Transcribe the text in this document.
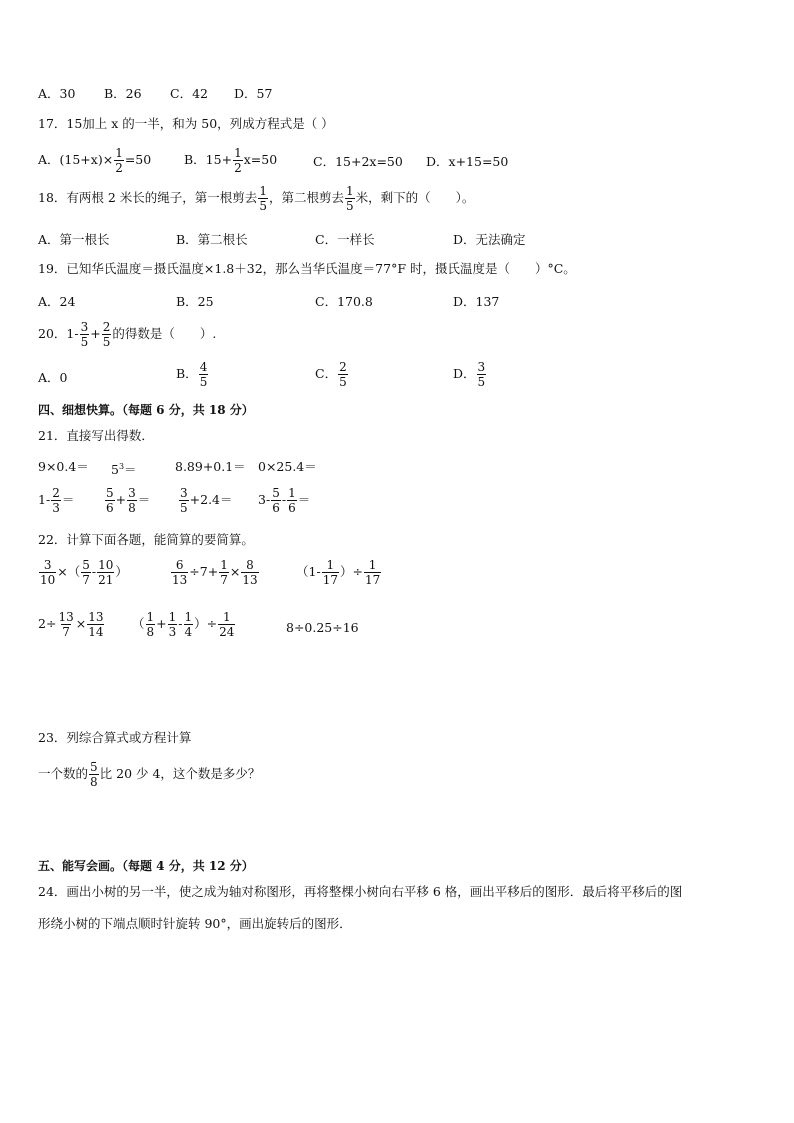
A．30 B．26 C．42 D．57
17．15加上 x 的一半，和为 50，列成方程式是（ ）
A．$(15+x)\times \frac{1}{2} =50$	B．$15+ \frac{1}{2} x=50$	C．15+2x=50 D．x+15=50
18．有两根 2 米长的绳子，第一根剪去 $\frac{1}{5}$ ，第二根剪去 $\frac{1}{5}$ 米，剩下的（　　）。
A．第一根长	B．第二根长	C．一样长	D．无法确定
19．已知华氏温度＝摄氏温度×1.8＋32，那么当华氏温度＝77°F 时，摄氏温度是（　　）°C。
A．24	B．25	C．170.8	D．137
20．$1- \frac{3}{5} + \frac{2}{5}$ 的得数是（　　）.
A．0	B． $\frac{4}{5}$	C． $\frac{2}{5}$	D． $\frac{3}{5}$
四、细想快算。（每题 6 分，共 18 分）
21．直接写出得数．
$9\times 0.4= 5^3=$	8.89+0.1＝ 0×25.4＝
$1- \frac{2}{3}$ ＝	$\frac{5}{6} + \frac{3}{8} = \frac{3}{5} +2.4= 3- \frac{5}{6} - \frac{1}{6}$ ＝
22．计算下面各题，能简算的要简算。
$\frac{3}{10}$ ×（ $\frac{5}{7} - \frac{10}{21}$ ）	$\frac{6}{13} \div 7+ \frac{1}{7} \times \frac{8}{13}$	（$1- \frac{1}{17}$ ）÷ $\frac{1}{17}$
$2\div \frac{13}{7} \times \frac{13}{14}$ （ $\frac{1}{8} + \frac{1}{3} - \frac{1}{4}$ ）÷ $\frac{1}{24}$	8÷0.25÷16
23．列综合算式或方程计算
一个数的 $\frac{5}{8}$ 比 20 少 4，这个数是多少？
五、能写会画。（每题 4 分，共 12 分）
24．画出小树的另一半，使之成为轴对称图形，再将整棵小树向右平移 6 格，画出平移后的图形．最后将平移后的图
形绕小树的下端点顺时针旋转 90°，画出旋转后的图形．
